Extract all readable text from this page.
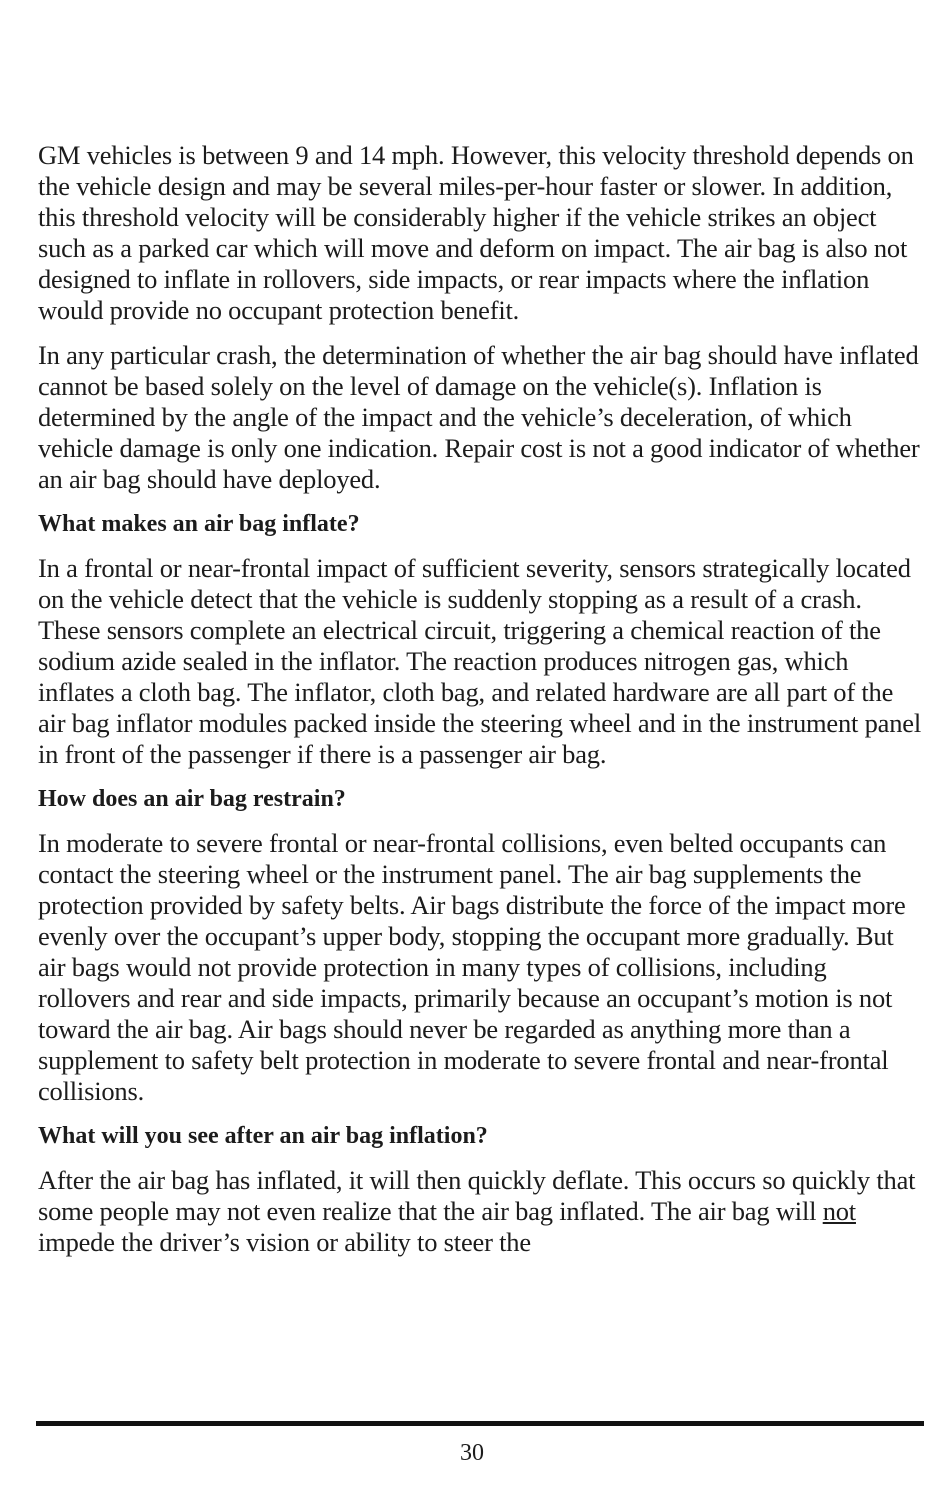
GM vehicles is between 9 and 14 mph. However, this velocity threshold depends on the vehicle design and may be several miles-per-hour faster or slower. In addition, this threshold velocity will be considerably higher if the vehicle strikes an object such as a parked car which will move and deform on impact. The air bag is also not designed to inflate in rollovers, side impacts, or rear impacts where the inflation would provide no occupant protection benefit.

In any particular crash, the determination of whether the air bag should have inflated cannot be based solely on the level of damage on the vehicle(s). Inflation is determined by the angle of the impact and the vehicle’s deceleration, of which vehicle damage is only one indication. Repair cost is not a good indicator of whether an air bag should have deployed.

What makes an air bag inflate?

In a frontal or near-frontal impact of sufficient severity, sensors strategically located on the vehicle detect that the vehicle is suddenly stopping as a result of a crash. These sensors complete an electrical circuit, triggering a chemical reaction of the sodium azide sealed in the inflator. The reaction produces nitrogen gas, which inflates a cloth bag. The inflator, cloth bag, and related hardware are all part of the air bag inflator modules packed inside the steering wheel and in the instrument panel in front of the passenger if there is a passenger air bag.

How does an air bag restrain?

In moderate to severe frontal or near-frontal collisions, even belted occupants can contact the steering wheel or the instrument panel. The air bag supplements the protection provided by safety belts. Air bags distribute the force of the impact more evenly over the occupant’s upper body, stopping the occupant more gradually. But air bags would not provide protection in many types of collisions, including rollovers and rear and side impacts, primarily because an occupant’s motion is not toward the air bag. Air bags should never be regarded as anything more than a supplement to safety belt protection in moderate to severe frontal and near-frontal collisions.

What will you see after an air bag inflation?

After the air bag has inflated, it will then quickly deflate. This occurs so quickly that some people may not even realize that the air bag inflated. The air bag will not impede the driver’s vision or ability to steer the

30
